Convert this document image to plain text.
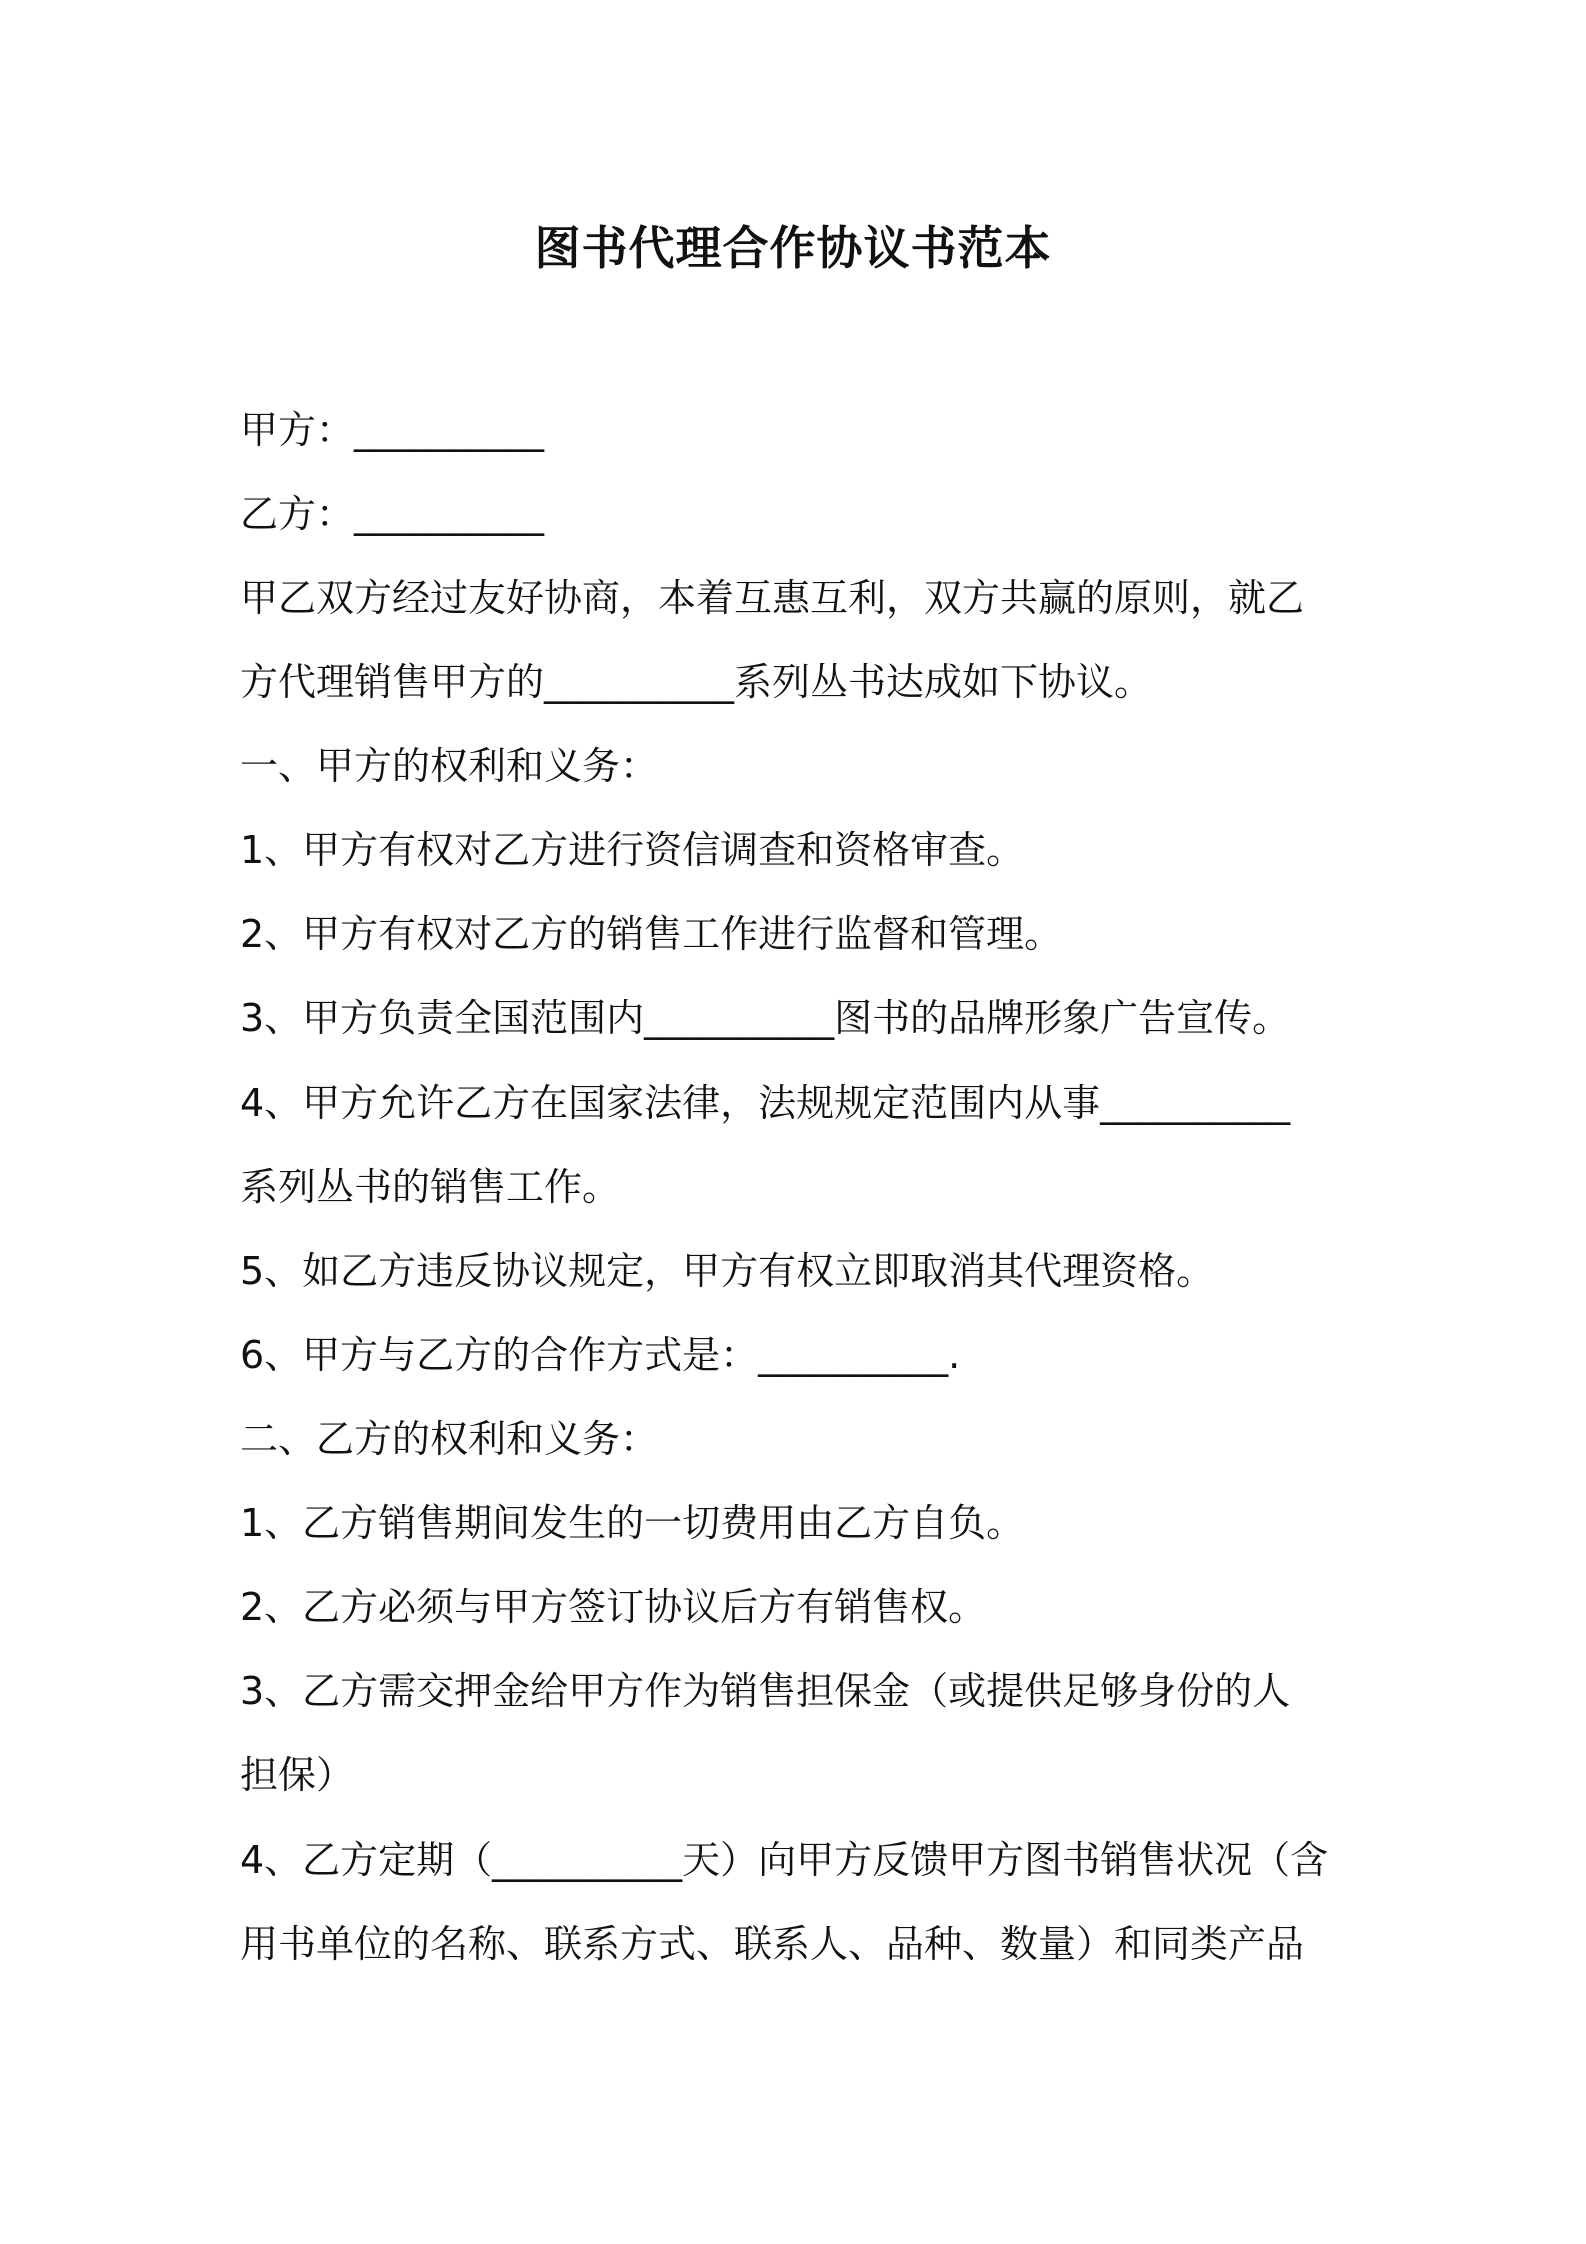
图书代理合作协议书范本

甲方：__________

乙方：__________

甲乙双方经过友好协商，本着互惠互利，双方共赢的原则，就乙

方代理销售甲方的__________系列丛书达成如下协议。

一、甲方的权利和义务：

1、甲方有权对乙方进行资信调查和资格审查。

2、甲方有权对乙方的销售工作进行监督和管理。

3、甲方负责全国范围内__________图书的品牌形象广告宣传。

4、甲方允许乙方在国家法律，法规规定范围内从事__________

系列丛书的销售工作。

5、如乙方违反协议规定，甲方有权立即取消其代理资格。

6、甲方与乙方的合作方式是：__________.

二、乙方的权利和义务：

1、乙方销售期间发生的一切费用由乙方自负。

2、乙方必须与甲方签订协议后方有销售权。

3、乙方需交押金给甲方作为销售担保金（或提供足够身份的人

担保）

4、乙方定期（__________天）向甲方反馈甲方图书销售状况（含

用书单位的名称、联系方式、联系人、品种、数量）和同类产品
